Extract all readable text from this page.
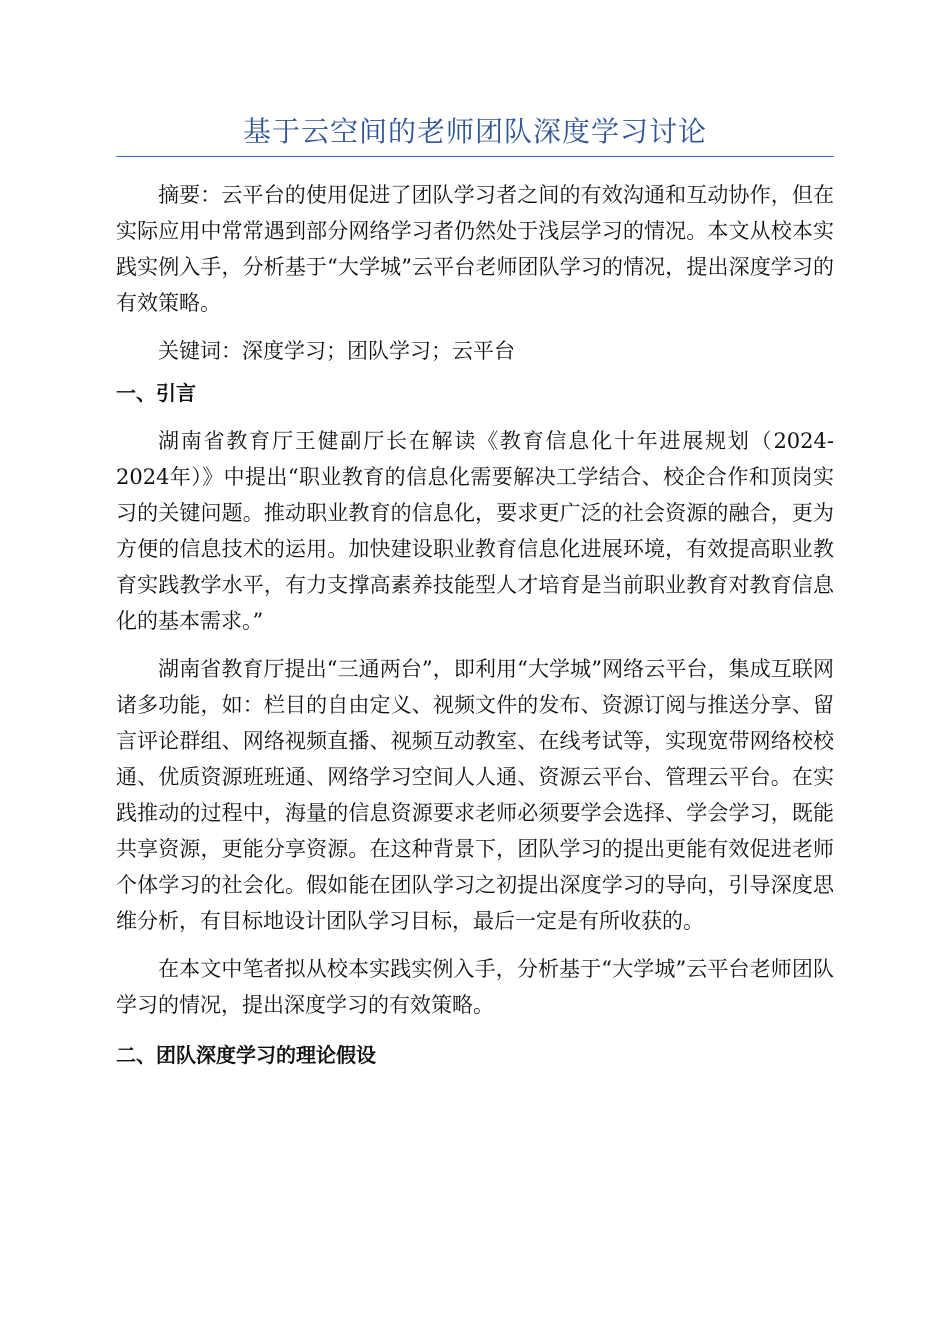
基于云空间的老师团队深度学习讨论

摘要：云平台的使用促进了团队学习者之间的有效沟通和互动协作，但在实际应用中常常遇到部分网络学习者仍然处于浅层学习的情况。本文从校本实践实例入手，分析基于“大学城”云平台老师团队学习的情况，提出深度学习的有效策略。

关键词：深度学习；团队学习；云平台

一、引言

湖南省教育厅王健副厅长在解读《教育信息化十年进展规划（2024-2024年）》中提出“职业教育的信息化需要解决工学结合、校企合作和顶岗实习的关键问题。推动职业教育的信息化，要求更广泛的社会资源的融合，更为方便的信息技术的运用。加快建设职业教育信息化进展环境，有效提高职业教育实践教学水平，有力支撑高素养技能型人才培育是当前职业教育对教育信息化的基本需求。”

湖南省教育厅提出“三通两台”，即利用“大学城”网络云平台，集成互联网诸多功能，如：栏目的自由定义、视频文件的发布、资源订阅与推送分享、留言评论群组、网络视频直播、视频互动教室、在线考试等，实现宽带网络校校通、优质资源班班通、网络学习空间人人通、资源云平台、管理云平台。在实践推动的过程中，海量的信息资源要求老师必须要学会选择、学会学习，既能共享资源，更能分享资源。在这种背景下，团队学习的提出更能有效促进老师个体学习的社会化。假如能在团队学习之初提出深度学习的导向，引导深度思维分析，有目标地设计团队学习目标，最后一定是有所收获的。

在本文中笔者拟从校本实践实例入手，分析基于“大学城”云平台老师团队学习的情况，提出深度学习的有效策略。

二、团队深度学习的理论假设
